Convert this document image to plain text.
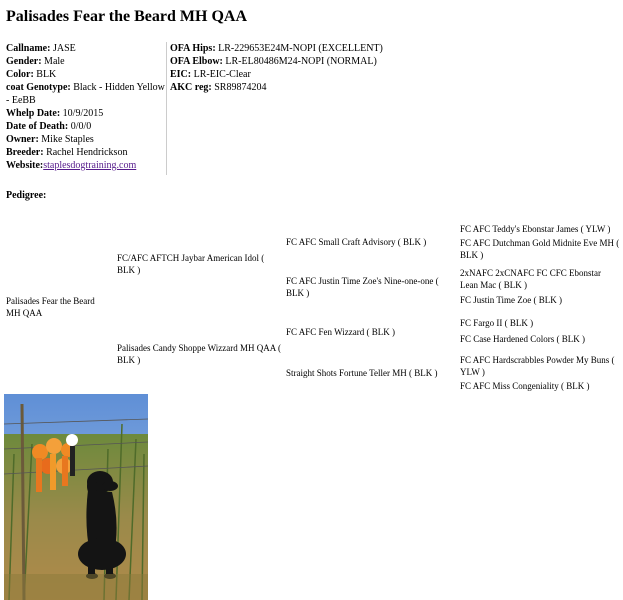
Palisades Fear the Beard MH QAA
Callname: JASE
Gender: Male
Color: BLK
coat Genotype: Black - Hidden Yellow - EeBB
Whelp Date: 10/9/2015
Date of Death: 0/0/0
Owner: Mike Staples
Breeder: Rachel Hendrickson
Website:staplesdogtraining.com
OFA Hips: LR-229653E24M-NOPI (EXCELLENT)
OFA Elbow: LR-EL80486M24-NOPI (NORMAL)
EIC: LR-EIC-Clear
AKC reg: SR89874204
Pedigree:
Palisades Fear the Beard MH QAA
FC/AFC AFTCH Jaybar American Idol ( BLK )
Palisades Candy Shoppe Wizzard MH QAA ( BLK )
FC AFC Small Craft Advisory ( BLK )
FC AFC Justin Time Zoe's Nine-one-one ( BLK )
FC AFC Fen Wizzard ( BLK )
Straight Shots Fortune Teller MH ( BLK )
FC AFC Teddy's Ebonstar James ( YLW )
FC AFC Dutchman Gold Midnite Eve MH ( BLK )
2xNAFC 2xCNAFC FC CFC Ebonstar Lean Mac ( BLK )
FC Justin Time Zoe ( BLK )
FC Fargo II ( BLK )
FC Case Hardened Colors ( BLK )
FC AFC Hardscrabbles Powder My Buns ( YLW )
FC AFC Miss Congeniality ( BLK )
